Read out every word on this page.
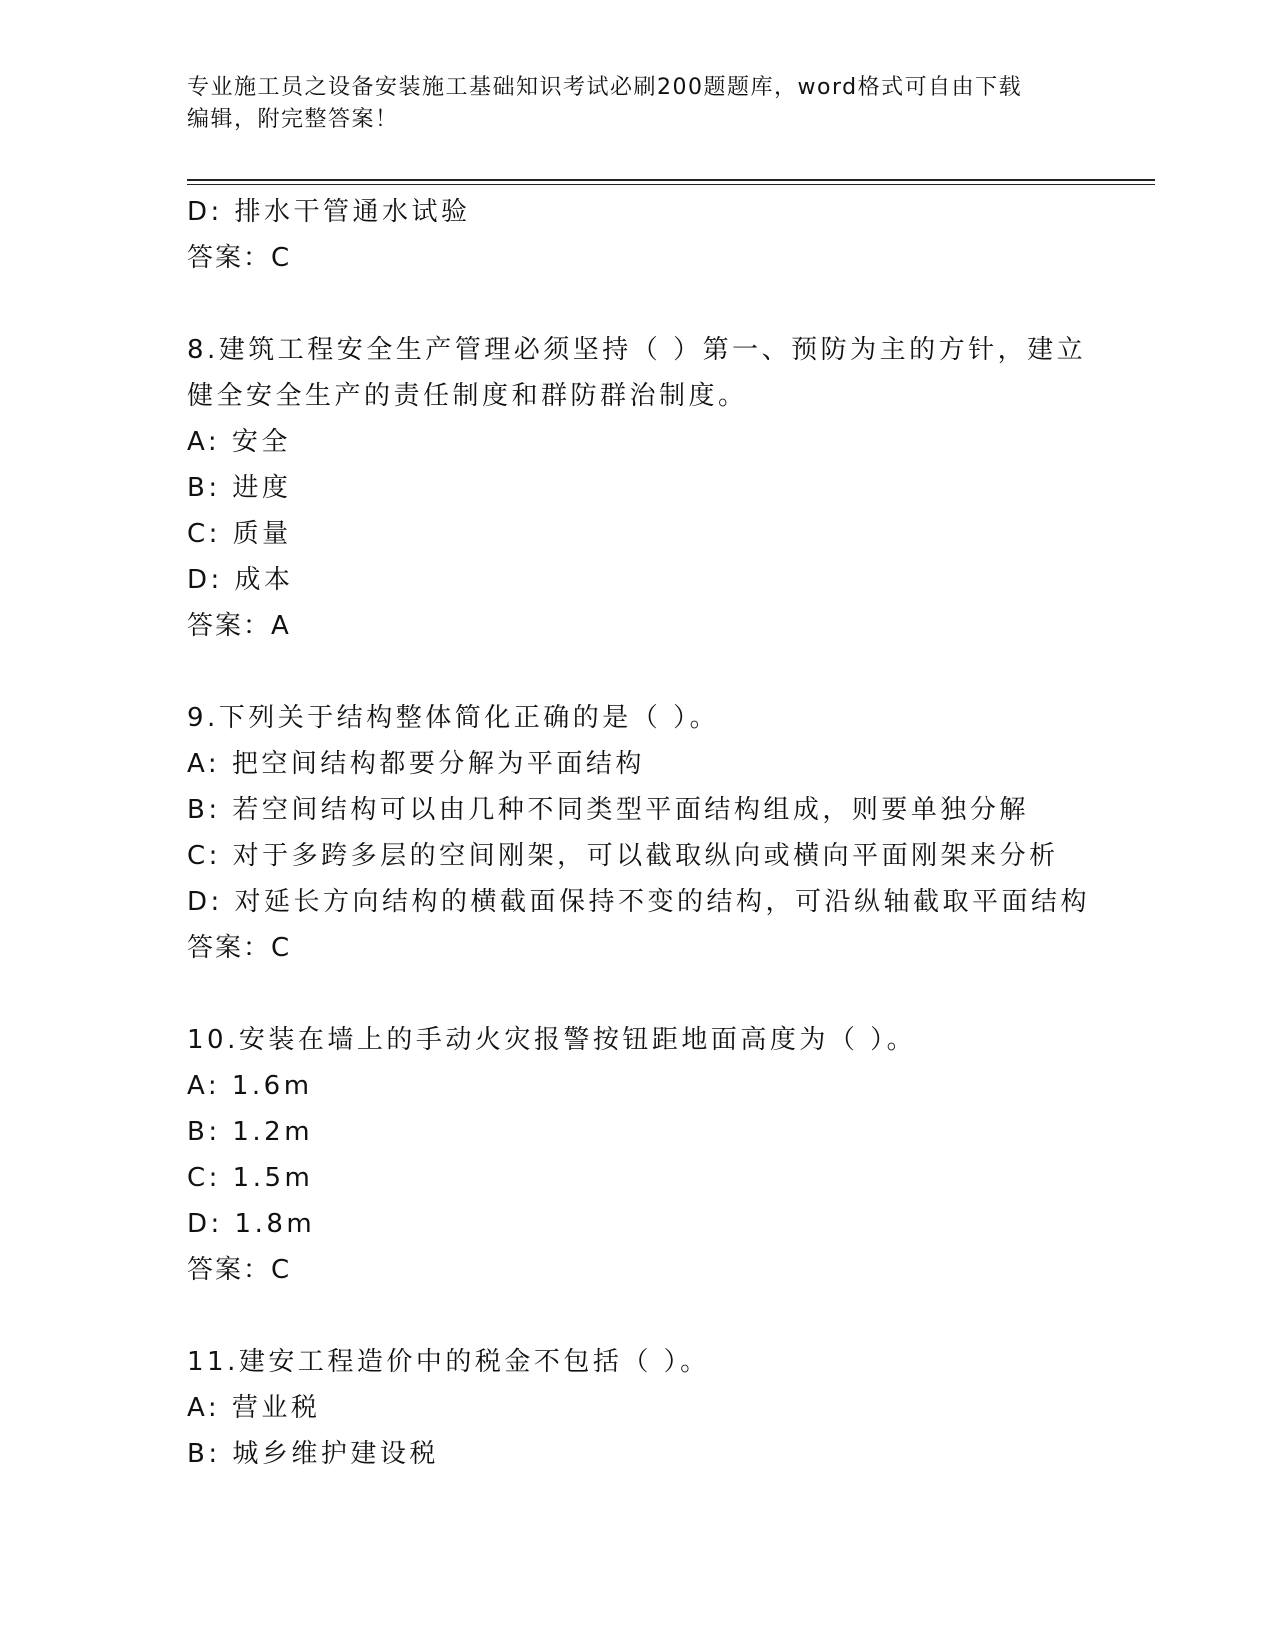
专业施工员之设备安装施工基础知识考试必刷200题题库，word格式可自由下载
编辑，附完整答案！
D: 排水干管通水试验
答案：C
8.建筑工程安全生产管理必须坚持（ ）第一、预防为主的方针，建立
健全安全生产的责任制度和群防群治制度。
A: 安全
B: 进度
C: 质量
D: 成本
答案：A
9.下列关于结构整体简化正确的是（ ）。
A: 把空间结构都要分解为平面结构
B: 若空间结构可以由几种不同类型平面结构组成，则要单独分解
C: 对于多跨多层的空间刚架，可以截取纵向或横向平面刚架来分析
D: 对延长方向结构的横截面保持不变的结构，可沿纵轴截取平面结构
答案：C
10.安装在墙上的手动火灾报警按钮距地面高度为（ ）。
A: 1.6m
B: 1.2m
C: 1.5m
D: 1.8m
答案：C
11.建安工程造价中的税金不包括（ ）。
A: 营业税
B: 城乡维护建设税
